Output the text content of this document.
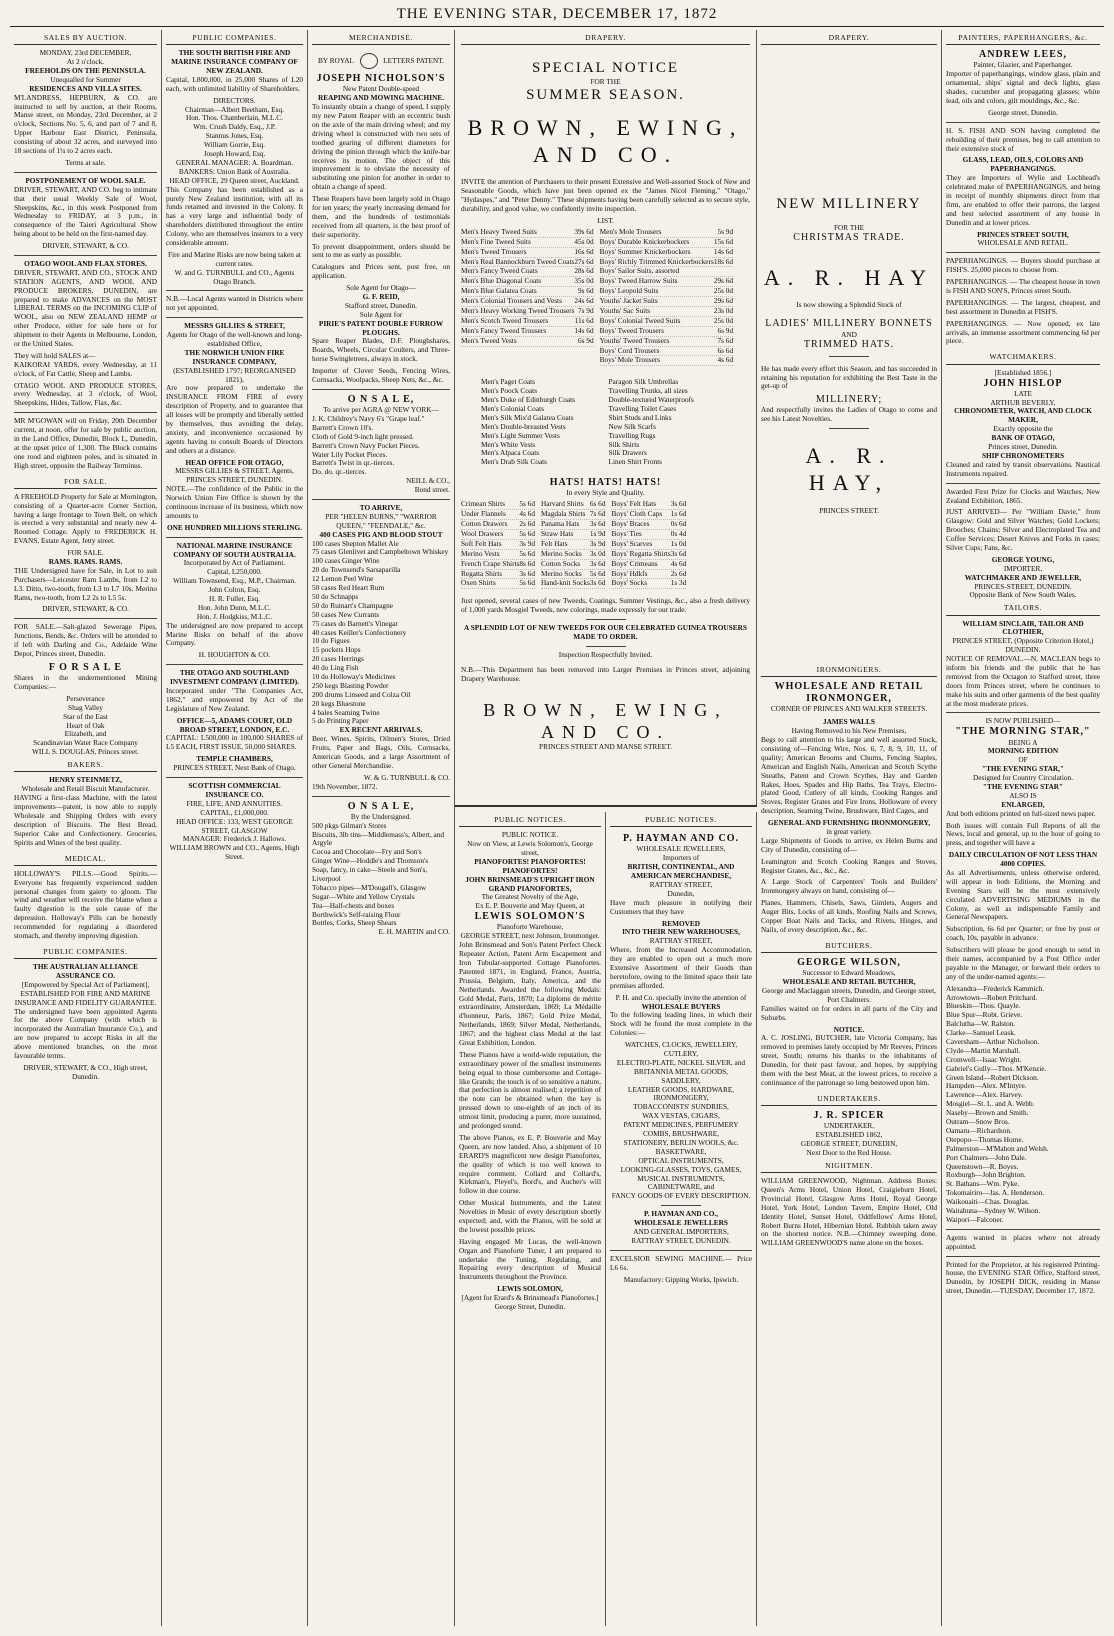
THE EVENING STAR, DECEMBER 17, 1872
SALES BY AUCTION.
MONDAY, 23rd DECEMBER,
At 2 o'clock.
FREEHOLDS ON THE PENINSULA.
Unequalled for Summer
RESIDENCES AND VILLA SITES.

M'LANDRESS, HEPBURN, & CO. are instructed to sell by auction, at their Rooms, Manse street, on Monday, 23rd December, at 2 o'clock, Sections No. 5, 6, and part of 7 and 8, Upper Harbour East District, Peninsula, consisting of about 32 acres, and surveyed into 18 sections of 1¼ to 2 acres each.

Terms at sale.
POSTPONEMENT OF WOOL SALE.

DRIVER, STEWART, AND CO. beg to intimate that their usual Weekly Sale of Wool, Sheepskins, &c., in this week Postponed from Wednesday to FRIDAY, at 3 p.m., in consequence of the Taieri Agricultural Show being about to be held on the first-named day.

DRIVER, STEWART, & CO.
OTAGO WOOL AND FLAX STORES.

DRIVER, STEWART, AND CO., STOCK AND STATION AGENTS, AND WOOL AND PRODUCE BROKERS, DUNEDIN, are prepared to make ADVANCES on the MOST LIBERAL TERMS on the INCOMING CLIP of WOOL, also on NEW ZEALAND HEMP or other Produce, either for sale here or for shipment to their Agents in Melbourne, London, or the United States.

They will hold SALES at—

KAIKORAI YARDS, every Wednesday, at 11 o'clock, of Fat Cattle, Sheep and Lambs.

OTAGO WOOL AND PRODUCE STORES, every Wednesday, at 3 o'clock, of Wool, Sheepskins, Hides, Tallow, Flax, &c.

MR M'GOWAN will on Friday, 20th December current, at noon, offer for sale by public auction, in the Land Office, Dunedin, Block L, Dunedin, at the upset price of 1,300. The Block contains one rood and eighteen poles, and is situated in High street, opposite the Railway Terminus.

FOR SALE.

A FREEHOLD Property for Sale at Mornington, consisting of a Quarter-acre Corner Section, having a large frontage to Town Belt, on which is erected a very substantial and nearly new 4-Roomed Cottage. Apply to FREDERICK H. EVANS, Estate Agent, Jetty street.

FOR SALE.
RAMS. RAMS. RAMS.

THE Undersigned have for Sale, in Lot to suit Purchasers—Leicester Ram Lambs, from L2 to L3. Ditto, two-tooth, from L3 to L7 10s. Merino Rams, two-tooth, from L2 2s to L5 5s.

DRIVER, STEWART, & CO.

FOR SALE.—Salt-glazed Sewerage Pipes, Junctions, Bends, &c. Orders will be attended to if left with Darling and Co., Adelaide Wine Depot, Princes street, Dunedin.

F O R S A L E

Shares in the undermentioned Mining Companies:—

Perseverance
Shag Valley
Star of the East
Heart of Oak
Elizabeth, and
Scandinavian Water Race Company
WILL S. DOUGLAS, Princes street.
BAKERS.
HENRY STEINMETZ,
Wholesale and Retail Biscuit Manufacturer.

HAVING a first-class Machine, with the latest improvements—patent, is now able to supply Wholesale and Shipping Orders with every description of Biscuits. The Best Bread, Superior Cake and Confectionery. Groceries, Spirits and Wines of the best quality.

MEDICAL.

HOLLOWAY'S PILLS.—Good Spirits.—Everyone has frequently experienced sudden personal changes from gaiety to gloom. The wind and weather will receive the blame when a faulty digestion is the sole cause of the depression. Holloway's Pills can be honestly recommended for regulating a disordered stomach, and thereby improving digestion.

PUBLIC COMPANIES.
THE AUSTRALIAN ALLIANCE ASSURANCE CO.
[Empowered by Special Act of Parliament], ESTABLISHED FOR FIRE AND MARINE INSURANCE AND FIDELITY GUARANTEE.

The undersigned have been appointed Agents for the above Company (with which is incorporated the Australian Insurance Co.), and are now prepared to accept Risks in all the above mentioned branches, on the most favourable terms.

DRIVER, STEWART, & CO., High street, Dunedin.
PUBLIC COMPANIES.
THE SOUTH BRITISH FIRE AND MARINE INSURANCE COMPANY OF NEW ZEALAND.

Capital, L800,000, in 25,000 Shares of L20 each, with unlimited liability of Shareholders.

DIRECTORS.
Chairman—Albert Beetham, Esq.
Hon. Thos. Chamberlain, M.L.C.
Wm. Crush Daldy, Esq., J.P.
Stannus Jones, Esq.
William Gorrie, Esq.
Joseph Howard, Esq.
GENERAL MANAGER: A. Boardman.
BANKERS: Union Bank of Australia.
HEAD OFFICE, 29 Queen street, Auckland.

This Company has been established as a purely New Zealand institution, with all its funds retained and invested in the Colony. It has a very large and influential body of shareholders distributed throughout the entire Colony, who are themselves insurers to a very considerable amount.

Fire and Marine Risks are now being taken at current rates.
W. and G. TURNBULL and CO., Agents Otago Branch.

N.B.—Local Agents wanted in Districts where not yet appointed.

MESSRS GILLIES & STREET,
Agents for Otago of the well-known and long-established Office,
THE NORWICH UNION FIRE INSURANCE COMPANY,
(ESTABLISHED 1797; REORGANISED 1821),

Are now prepared to undertake the INSURANCE FROM FIRE of every description of Property, and to guarantee that all losses will be promptly and liberally settled by themselves, thus avoiding the delay, anxiety, and inconvenience occasioned by agents having to consult Boards of Directors and others at a distance.

HEAD OFFICE FOR OTAGO,
MESSRS GILLIES & STREET, Agents,
PRINCES STREET, DUNEDIN.

NOTE.—The confidence of the Public in the Norwich Union Fire Office is shown by the continuous increase of its business, which now amounts to

ONE HUNDRED MILLIONS STERLING.
NATIONAL MARINE INSURANCE COMPANY OF SOUTH AUSTRALIA.
Incorporated by Act of Parliament.
Capital, L250,000.
William Townsend, Esq., M.P., Chairman.
John Colton, Esq.
H. R. Fuller, Esq.
Hon. John Dunn, M.L.C.
Hon. J. Hodgkiss, M.L.C.

The undersigned are now prepared to accept Marine Risks on behalf of the above Company.

H. HOUGHTON & CO.
THE OTAGO AND SOUTHLAND INVESTMENT COMPANY (LIMITED).

Incorporated under "The Companies Act, 1862," and empowered by Act of the Legislature of New Zealand.

OFFICE—5, ADAMS COURT, OLD BROAD STREET, LONDON, E.C.

CAPITAL: L500,000 in 100,000 SHARES of L5 EACH, FIRST ISSUE, 50,000 SHARES.

TEMPLE CHAMBERS,
PRINCES STREET, Next Bank of Otago.
SCOTTISH COMMERCIAL INSURANCE CO.
FIRE, LIFE, AND ANNUITIES.
CAPITAL, £1,000,000.
HEAD OFFICE: 133, WEST GEORGE STREET, GLASGOW
MANAGER: Frederick J. Hallows.
WILLIAM BROWN and CO., Agents, High Street.
MERCHANDISE.
BY ROYAL	LETTERS PATENT.
JOSEPH NICHOLSON'S
New Patent Double-speed
REAPING AND MOWING MACHINE.

To instantly obtain a change of speed, I supply my new Patent Reaper with an eccentric bush on the axle of the main driving wheel; and my driving wheel is constructed with two sets of toothed gearing of different diameters for driving the pinion through which the knife-bar receives its motion. The object of this improvement is to obviate the necessity of substituting one pinion for another in order to obtain a change of speed.

These Reapers have been largely sold in Otago for ten years; the yearly increasing demand for them, and the hundreds of testimonials received from all quarters, is the best proof of their superiority.

To prevent disappointment, orders should be sent to me as early as possible.

Catalogues and Prices sent, post free, on application.

Sole Agent for Otago—
G. F. REID,
Stafford street, Dunedin.
Sole Agent for
PIRIE'S PATENT DOUBLE FURROW PLOUGHS.

Spare Reaper Blades, D.F. Ploughshares, Boards, Wheels, Circular Coulters, and Three-horse Swingletrees, always in stock.

Importer of Clover Seeds, Fencing Wires, Cornsacks, Woolpacks, Sheep Nets, &c., &c.

O N S A L E,
To arrive per AGRA @ NEW YORK—
J. K. Childrey's Navy 6's "Grape leaf."
Barrett's Crown 10's.
Cloth of Gold 9-inch light pressed.
Barrett's Crown Navy Pocket Pieces.
Water Lily Pocket Pieces.
Barrett's Twist in qr.-tierces.
Do. do. qr.-tierces.
NEILL & CO.,
Bond street.
TO ARRIVE,
PER "HELEN BURNS," "WARRIOR QUEEN," "FEENDALE," &c.
400 CASES PIG AND BLOOD STOUT
100 cases Shepton Mallet Ale
75 cases Glenlivet and Campbeltown Whiskey
100 cases Ginger Wine
20 do Townsend's Sarsaparilla
12 Lemon Peel Wine
50 cases Red Heart Rum
50 do Schnapps
50 do Ruinart's Champagne
50 cases New Currants
75 cases do Barnett's Vinegar
40 cases Keiller's Confectionery
10 do Figues
15 pockets Hops
20 cases Herrings
40 do Ling Fish
10 do Holloway's Medicines
250 kegs Blasting Powder
200 drums Linseed and Colza Oil
20 kegs Bluestone
4 bales Seaming Twine
5 do Printing Paper
EX RECENT ARRIVALS.

Beer, Wines, Spirits, Oilmen's Stores, Dried Fruits, Paper and Bags, Oils, Cornsacks, American Goods, and a large Assortment of other General Merchandise.

W. & G. TURNBULL & CO.
19th November, 1872.
O N S A L E,
By the Undersigned.
500 pkgs Gilman's Stores
Biscuits, 3lb tins—Middlemass's, Albert, and Argyle
Cocoa and Chocolate—Fry and Son's
Ginger Wine—Hoddle's and Thomson's
Soap, fancy, in cake—Steele and Son's, Liverpool
Tobacco pipes—M'Dougall's, Glasgow
Sugar—White and Yellow Crystals
Tea—Half-chests and boxes
Borthwick's Self-raising Flour
Bottles, Corks, Sheep Shears
E. H. MARTIN and CO.
DRAPERY.
SPECIAL NOTICE
FOR THE
SUMMER SEASON.
BROWN, EWING, AND CO.

INVITE the attention of Purchasers to their present Extensive and Well-assorted Stock of New and Seasonable Goods, which have just been opened ex the "James Nicol Fleming," "Otago," "Hydaspes," and "Peter Denny." These shipments having been carefully selected as to secure style, durability, and good value, we confidently invite inspection.

LIST.
Men's Heavy Tweed Suits	39s 6d
Men's Fine Tweed Suits	45s 0d
Men's Tweed Trousers	16s 6d
Men's Real Bannockburn Tweed Coats 27s 6d
Men's Fancy Tweed Coats	28s 6d
Men's Blue Diagonal Coats	35s 0d
Men's Blue Galatea Coats	9s 6d
Men's Colonial Trousers and Vests 24s 6d
Men's Heavy Working Tweed Trousers 7s 9d
Men's Scotch Tweed Trousers	11s 6d
Men's Fancy Tweed Trousers	14s 6d
Men's Tweed Vests	6s 9d
Men's Mole Trousers	5s 9d
Boys' Durable Knickerbockers	15s 6d
Boys' Summer Knickerbockers	14s 6d
Boys' Richly Trimmed Knickerbockers 18s 6d
Boys' Sailor Suits, assorted
Boys' Tweed Harrow Suits	29s 6d
Boys' Leopold Suits	25s 0d
Youths' Jacket Suits	29s 6d
Youths' Sac Suits	23s 0d
Boys' Colonial Tweed Suits	25s 0d
Boys' Tweed Trousers	6s 9d
Youths' Tweed Trousers	7s 6d
Boys' Cord Trousers	6s 6d
Boys' Mole Trousers	4s 6d
Men's Paget Coats
Men's Poock Coats
Men's Duke of Edinburgh Coats
Men's Colonial Coats
Men's Silk Mix'd Galatea Coats
Men's Double-breasted Vests
Men's Light Summer Vests
Men's White Vests
Men's Alpaca Coats
Men's Drab Silk Coats
Paragon Silk Umbrellas
Travelling Trunks, all sizes
Double-textured Waterproofs
Travelling Toilet Cases
Shirt Studs and Links
New Silk Scarfs
Travelling Rugs
Silk Shirts
Silk Drawers
Linen Shirt Fronts
HATS! HATS! HATS!
In every Style and Quality.
Crimean Shirts 5s 6d
Under Flannels 4s 6d
Cotton Drawers 2s 6d
Wool Drawers 5s 6d
Soft Felt Hats 3s 9d
Merino Vests	5s 6d
French Crape Shirts 8s 6d
Regatta Shirts 3s 6d
Oxen Shirts	5s 6d
Harvard Shirts 6s 6d
Magdala Shirts 7s 6d
Panama Hats 3s 6d
Straw Hats 1s 9d
Felt Hats	3s 9d
Merino Socks 3s 0d
Cotton Socks 3s 6d
Merino Socks 5s 6d
Hand-knit Socks 3s 6d
Boys' Felt Hats 3s 6d
Boys' Cloth Caps 1s 6d
Boys' Braces	0s 6d
Boys' Ties	0s 4d
Boys' Scarves	1s 0d
Boys' Regatta Shirts 3s 6d
Boys' Crimeans 4s 6d
Boys' Hdkfs	2s 6d
Boys' Socks	1s 3d

Just opened, several cases of new Tweeds, Coatings, Summer Vestings, &c., also a fresh delivery of 1,000 yards Mosgiel Tweeds, new colorings, made expressly for our trade.

A SPLENDID LOT OF NEW TWEEDS FOR OUR CELEBRATED GUINEA TROUSERS MADE TO ORDER.
Inspection Respectfully Invited.

N.B.—This Department has been removed into Larger Premises in Princes street, adjoining Drapery Warehouse.

BROWN, EWING, AND CO.
PRINCES STREET AND MANSE STREET.
PUBLIC NOTICES.
PUBLIC NOTICE.
Now on View, at Lewis Solomon's, George street,
PIANOFORTES! PIANOFORTES! PIANOFORTES!
JOHN BRINSMEAD'S UPRIGHT IRON GRAND PIANOFORTES,
The Greatest Novelty of the Age,
Ex E. P. Bouverie and May Queen, at
LEWIS SOLOMON'S
Pianoforte Warehouse,
GEORGE STREET, next Johnson, Ironmonger.

John Brinsmead and Son's Patent Perfect Check Repeater Action, Patent Arm Escapement and Iron Tubular-supported Cottage Pianofortes. Patented 1871, in England, France, Austria, Prussia, Belgium, Italy, America, and the Netherlands. Awarded the following Medals: Gold Medal, Paris, 1870; La diplome de mérite extraordinaire, Amsterdam, 1869; La Médaille d'honneur, Paris, 1867; Gold Prize Medal, Netherlands, 1869; Silver Medal, Netherlands, 1867; and the highest class Medal at the last Great Exhibition, London.

These Pianos have a world-wide reputation, the extraordinary power of the smallest instruments being equal to those cumbersome and Cottage-like Grands; the touch is of so sensitive a nature, that perfection is almost realised; a repetition of the note can be obtained when the key is pressed down to one-eighth of an inch of its utmost limit, producing a purer, more sustained, and prolonged sound.

The above Pianos, ex E. P. Bouverie and May Queen, are now landed. Also, a shipment of 10 ERARD'S magnificent new design Pianofortes, the quality of which is too well known to require comment. Collard and Collard's, Kirkman's, Pleyel's, Bord's, and Aucher's will follow in due course.

Other Musical Instruments, and the Latest Novelties in Music of every description shortly expected; and, with the Pianos, will be sold at the lowest possible prices.

Having engaged Mr Lucas, the well-known Organ and Pianoforte Tuner, I am prepared to undertake the Tuning, Regulating, and Repairing every description of Musical Instruments throughout the Province.

LEWIS SOLOMON,
[Agent for Erard's & Brinsmead's Pianofortes.]
George Street, Dunedin.
PUBLIC NOTICES.
P. HAYMAN AND CO.
WHOLESALE JEWELLERS,
Importers of
BRITISH, CONTINENTAL, AND AMERICAN MERCHANDISE,
RATTRAY STREET,
Dunedin,

Have much pleasure in notifying their Customers that they have

REMOVED
INTO THEIR NEW WAREHOUSES,
RATTRAY STREET,

Where, from the Increased Accommodation, they are enabled to open out a much more Extensive Assortment of their Goods than heretofore, owing to the limited space their late premises afforded.

P. H. and Co. specially invite the attention of
WHOLESALE BUYERS

To the following leading lines, in which their Stock will be found the most complete in the Colonies:—

WATCHES, CLOCKS, JEWELLERY, CUTLERY,
ELECTRO-PLATE, NICKEL SILVER, and BRITANNIA METAL GOODS,
SADDLERY,
LEATHER GOODS, HARDWARE, IRONMONGERY,
TOBACCONISTS' SUNDRIES,
WAX VESTAS, CIGARS,
PATENT MEDICINES, PERFUMERY COMBS, BRUSHWARE,
STATIONERY, BERLIN WOOLS, &c.
BASKETWARE,
OPTICAL INSTRUMENTS,
LOOKING-GLASSES, TOYS, GAMES,
MUSICAL INSTRUMENTS,
CABINETWARE, and
FANCY GOODS OF EVERY DESCRIPTION.
P. HAYMAN AND CO.,
WHOLESALE JEWELLERS
AND GENERAL IMPORTERS,
RATTRAY STREET, DUNEDIN.

EXCELSIOR SEWING MACHINE.— Price L6 6s.

Manufactory: Gipping Works, Ipswich.
DRAPERY.
NEW MILLINERY
FOR THE
CHRISTMAS TRADE.
A. R. HAY
Is now showing a Splendid Stock of
LADIES' MILLINERY BONNETS
AND
TRIMMED HATS.

He has made every effort this Season, and has succeeded in retaining his reputation for exhibiting the Best Taste in the get-up of

MILLINERY;

And respectfully invites the Ladies of Otago to come and see his Latest Novelties.

A. R. HAY,
PRINCES STREET.
IRONMONGERS.
WHOLESALE AND RETAIL IRONMONGER,
CORNER OF PRINCES AND WALKER STREETS.
JAMES WALLS
Having Removed to his New Premises,

Begs to call attention to his large and well assorted Stock, consisting of—Fencing Wire, Nos. 6, 7, 8, 9, 10, 11, of quality; American Brooms and Churns, Fencing Staples, American and English Nails, American and Scotch Scythe Sneaths, Patent and Crown Scythes, Hay and Garden Rakes, Hoes, Spades and Hip Baths, Tea Trays, Electro-plated Good, Cutlery of all kinds, Cooking Ranges and Stoves, Register Grates and Fire Irons, Holloware of every description, Seaming Twine, Brushware, Bird Cages, and

GENERAL AND FURNISHING IRONMONGERY,
in great variety.

Large Shipments of Goods to arrive, ex Helen Burns and City of Dunedin, consisting of—

Leamington and Scotch Cooking Ranges and Stoves, Register Grates, &c., &c., &c.

A Large Stock of Carpenters' Tools and Builders' Ironmongery always on hand, consisting of—

Planes, Hammers, Chisels, Saws, Gimlets, Augers and Auger Bits, Locks of all kinds, Roofing Nails and Screws, Copper Boat Nails and Tacks, and Rivets, Hinges, and Nails, of every description, &c., &c.

BUTCHERS.
GEORGE WILSON,
Successor to Edward Meadows,
WHOLESALE AND RETAIL BUTCHER,
George and Maclaggan streets, Dunedin, and George street, Port Chalmers.

Families waited on for orders in all parts of the City and Suburbs.

NOTICE.

A. C. JOSLING, BUTCHER, late Victoria Company, has removed to premises lately occupied by Mr Reeves, Princes street, South; returns his thanks to the inhabitants of Dunedin, for their past favour, and hopes, by supplying them with the best Meat, at the lowest prices, to receive a continuance of the patronage so long bestowed upon him.

UNDERTAKERS.
J. R. SPICER
UNDERTAKER,
ESTABLISHED 1862,
GEORGE STREET, DUNEDIN,
Next Door to the Red House.
NIGHTMEN.

WILLIAM GREENWOOD, Nightman. Address Boxes: Queen's Arms Hotel, Union Hotel, Craigieburn Hotel, Provincial Hotel, Glasgow Arms Hotel, Royal George Hotel, York Hotel, London Tavern, Empire Hotel, Old Identity Hotel, Sunset Hotel, Oddfellows' Arms Hotel, Robert Burns Hotel, Hibernian Hotel. Rubbish taken away on the shortest notice. N.B.—Chimney sweeping done. WILLIAM GREENWOOD'S name alone on the boxes.

PAINTERS, PAPERHANGERS, &c.
ANDREW LEES,
Painter, Glazier, and Paperhanger.

Importer of paperhangings, window glass, plain and ornamental, ships' signal and deck lights, glass shades, cucumber and propagating glasses; white lead, oils and colors, gilt mouldings, &c., &c.

George street, Dunedin.

H. S. FISH AND SON having completed the rebuilding of their premises, beg to call attention to their extensive stock of

GLASS, LEAD, OILS, COLORS AND PAPERHANGINGS.

They are Importers of Wylie and Lochhead's celebrated make of PAPERHANGINGS, and being in receipt of monthly shipments direct from that firm, are enabled to offer their patrons, the largest and best selected assortment of any house in Dunedin and at lower prices.

PRINCES STREET SOUTH,
WHOLESALE AND RETAIL.

PAPERHANGINGS. — Buyers should purchase at FISH'S. 25,000 pieces to choose from.

PAPERHANGINGS. — The cheapest house in town is FISH AND SON'S, Princes street South.

PAPERHANGINGS. — The largest, cheapest, and best assortment in Dunedin at FISH'S.

PAPERHANGINGS. — Now opened, ex late arrivals, an immense assortment commencing 6d per piece.

WATCHMAKERS.
[Established 1856.]
JOHN HISLOP
LATE
ARTHUR BEVERLY,
CHRONOMETER, WATCH, AND CLOCK MAKER,
Exactly opposite the
BANK OF OTAGO,
Princes street, Dunedin.
SHIP CHRONOMETERS

Cleaned and rated by transit observations. Nautical Instruments repaired.

Awarded First Prize for Clocks and Watches, New Zealand Exhibition, 1865.

JUST ARRIVED— Per "William Davie," from Glasgow: Gold and Silver Watches; Gold Lockets; Brooches; Chains; Silver and Electroplated Tea and Coffee Services; Desert Knives and Forks in cases; Silver Cups; Fans, &c.

GEORGE YOUNG,
IMPORTER,
WATCHMAKER AND JEWELLER,
PRINCES-STREET, DUNEDIN.
Opposite Bank of New South Wales.
TAILORS.
WILLIAM SINCLAIR, TAILOR AND CLOTHIER,
PRINCES STREET, (Opposite Criterion Hotel,) DUNEDIN.

NOTICE OF REMOVAL.—N. MACLEAN begs to inform his friends and the public that he has removed from the Octagon to Stafford street, three doors from Princes street, where he continues to make his suits and other garments of the best quality at the most moderate prices.

IS NOW PUBLISHED—
"THE MORNING STAR,"
BEING A
MORNING EDITION
OF
"THE EVENING STAR,"
Designed for Country Circulation.
"THE EVENING STAR"
ALSO IS
ENLARGED,

And both editions printed on full-sized news paper.

Both issues will contain Full Reports of all the News, local and general, up to the hour of going to press, and together will have a

DAILY CIRCULATION OF NOT LESS THAN 4000 COPIES.

As all Advertisements, unless otherwise ordered, will appear in both Editions, the Morning and Evening Stars will be the most extensively circulated ADVERTISING MEDIUMS in the Colony, as well as indispensable Family and General Newspapers.

Subscription, 6s 6d per Quarter; or free by post or coach, 10s, payable in advance.

Subscribers will please be good enough to send in their names, accompanied by a Post Office order payable to the Manager, or forward their orders to any of the under-named agents:—

Alexandra—Frederick Kammich.
Arrowtown—Robert Pritchard.
Blueskin—Thos. Quayle.
Blue Spur—Robt. Grieve.
Balclutha—W. Ralston.
Clarke—Samuel Leask.
Caversham—Arthur Nicholson.
Clyde—Martin Marshall.
Cromwell—Isaac Wright.
Gabriel's Gully—Thos. M'Kenzie.
Green Island—Robert Dickson.
Hampden—Alex. M'Intyre.
Lawrence—Alex. Harvey.
Mosgiel—St. L. and A. Webb.
Naseby—Brown and Smith.
Outram—Snow Bros.
Oamaru—Richardson.
Otepopo—Thomas Home.
Palmerston—M'Mahon and Welsh.
Port Chalmers—John Dale.
Queenstown—R. Boyes.
Roxburgh—John Brighton.
St. Bathans—Wm. Pyke.
Tokomairiro—Jas. A. Henderson.
Waikouaiti—Chas. Douglas.
Waitahuna—Sydney W. Wilson.
Waipori—Falconer.

Agents wanted in places where not already appointed.

Printed for the Proprietor, at his registered Printing-house, the EVENING STAR Office, Stafford street, Dunedin, by JOSEPH DICK, residing in Manse street, Dunedin.—TUESDAY, December 17, 1872.
